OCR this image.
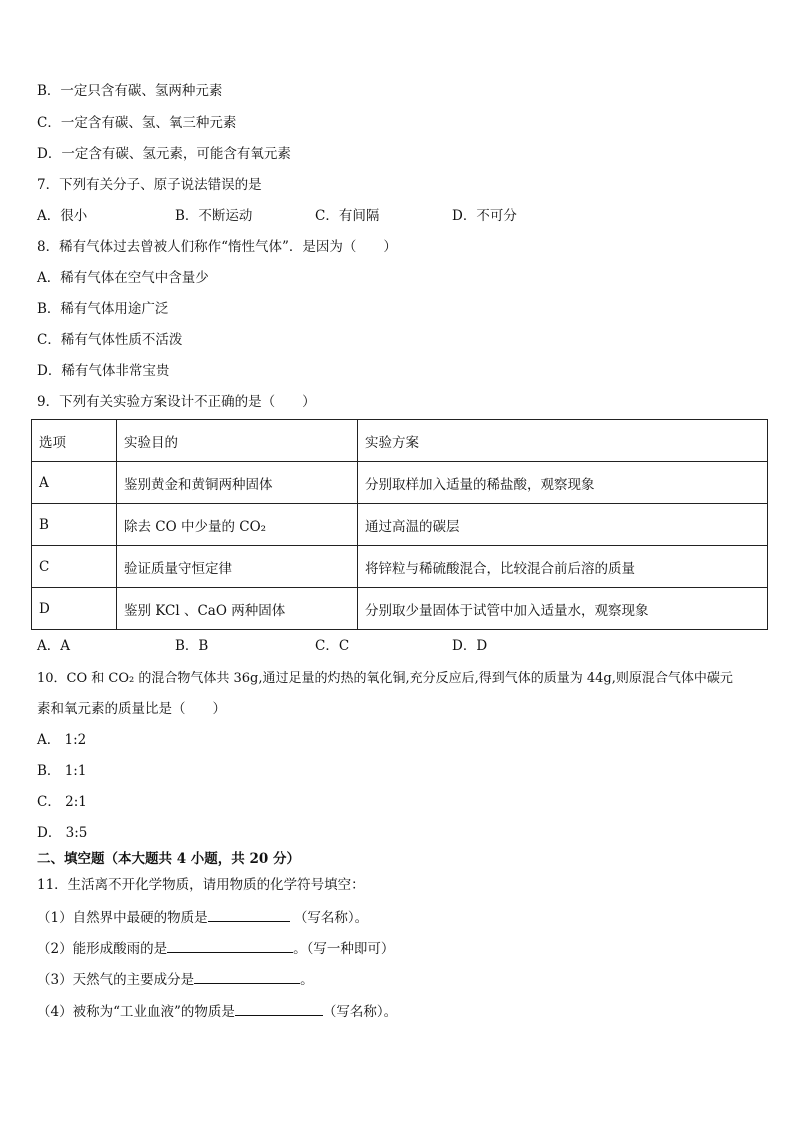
B．一定只含有碳、氢两种元素
C．一定含有碳、氢、氧三种元素
D．一定含有碳、氢元素，可能含有氧元素
7．下列有关分子、原子说法错误的是
A．很小	B．不断运动	C．有间隔	D．不可分
8．稀有气体过去曾被人们称作“惰性气体”．是因为（　　）
A．稀有气体在空气中含量少
B．稀有气体用途广泛
C．稀有气体性质不活泼
D．稀有气体非常宝贵
9．下列有关实验方案设计不正确的是（　　）
选项	实验目的	实验方案
A	鉴别黄金和黄铜两种固体	分别取样加入适量的稀盐酸，观察现象
B	除去 CO 中少量的 CO₂	通过高温的碳层
C	验证质量守恒定律	将锌粒与稀硫酸混合，比较混合前后溶的质量
D	鉴别 KCl 、CaO 两种固体	分别取少量固体于试管中加入适量水，观察现象
A．A	B．B	C．C	D．D
10．CO 和 CO₂ 的混合物气体共 36g,通过足量的灼热的氧化铜,充分反应后,得到气体的质量为 44g,则原混合气体中碳元
素和氧元素的质量比是（　　）
A． 1:2
B． 1:1
C． 2:1
D． 3:5
二、填空题（本大题共 4 小题，共 20 分）
11．生活离不开化学物质，请用物质的化学符号填空：
（1）自然界中最硬的物质是	（写名称）。
（2）能形成酸雨的是	。（写一种即可）
（3）天然气的主要成分是	。
（4）被称为“工业血液”的物质是	（写名称）。
